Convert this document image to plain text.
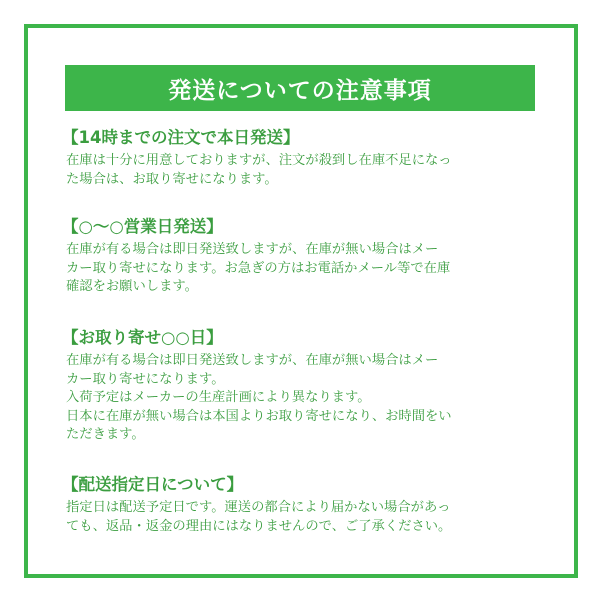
発送についての注意事項
【14時までの注文で本日発送】
在庫は十分に用意しておりますが、注文が殺到し在庫不足になっ
た場合は、お取り寄せになります。
【○〜○営業日発送】
在庫が有る場合は即日発送致しますが、在庫が無い場合はメー
カー取り寄せになります。お急ぎの方はお電話かメール等で在庫
確認をお願いします。
【お取り寄せ○○日】
在庫が有る場合は即日発送致しますが、在庫が無い場合はメー
カー取り寄せになります。
入荷予定はメーカーの生産計画により異なります。
日本に在庫が無い場合は本国よりお取り寄せになり、お時間をい
ただきます。
【配送指定日について】
指定日は配送予定日です。運送の都合により届かない場合があっ
ても、返品・返金の理由にはなりませんので、ご了承ください。
